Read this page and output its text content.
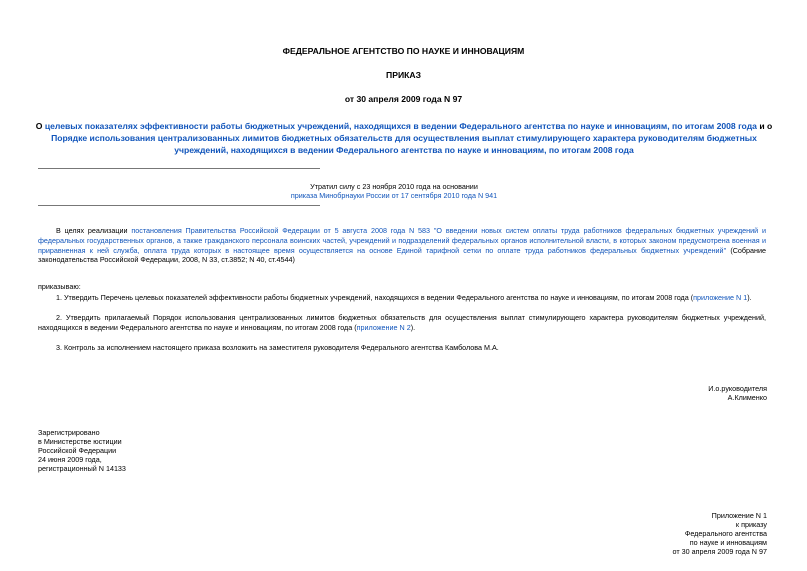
ФЕДЕРАЛЬНОЕ АГЕНТСТВО ПО НАУКЕ И ИННОВАЦИЯМ
ПРИКАЗ
от 30 апреля 2009 года N 97
О целевых показателях эффективности работы бюджетных учреждений, находящихся в ведении Федерального агентства по науке и инновациям, по итогам 2008 года и о Порядке использования централизованных лимитов бюджетных обязательств для осуществления выплат стимулирующего характера руководителям бюджетных учреждений, находящихся в ведении Федерального агентства по науке и инновациям, по итогам 2008 года
Утратил силу с 23 ноября 2010 года на основании
приказа Минобрнауки России от 17 сентября 2010 года N 941
В целях реализации постановления Правительства Российской Федерации от 5 августа 2008 года N 583 "О введении новых систем оплаты труда работников федеральных бюджетных учреждений и федеральных государственных органов, а также гражданского персонала воинских частей, учреждений и подразделений федеральных органов исполнительной власти, в которых законом предусмотрена военная и приравненная к ней служба, оплата труда которых в настоящее время осуществляется на основе Единой тарифной сетки по оплате труда работников федеральных бюджетных учреждений" (Собрание законодательства Российской Федерации, 2008, N 33, ст.3852; N 40, ст.4544)
приказываю:
1. Утвердить Перечень целевых показателей эффективности работы бюджетных учреждений, находящихся в ведении Федерального агентства по науке и инновациям, по итогам 2008 года (приложение N 1).
2. Утвердить прилагаемый Порядок использования централизованных лимитов бюджетных обязательств для осуществления выплат стимулирующего характера руководителям бюджетных учреждений, находящихся в ведении Федерального агентства по науке и инновациям, по итогам 2008 года (приложение N 2).
3. Контроль за исполнением настоящего приказа возложить на заместителя руководителя Федерального агентства Камболова М.А.
И.о.руководителя
А.Клименко
Зарегистрировано
в Министерстве юстиции
Российской Федерации
24 июня 2009 года,
регистрационный N 14133
Приложение N 1
к приказу
Федерального агентства
по науке и инновациям
от 30 апреля 2009 года N 97
